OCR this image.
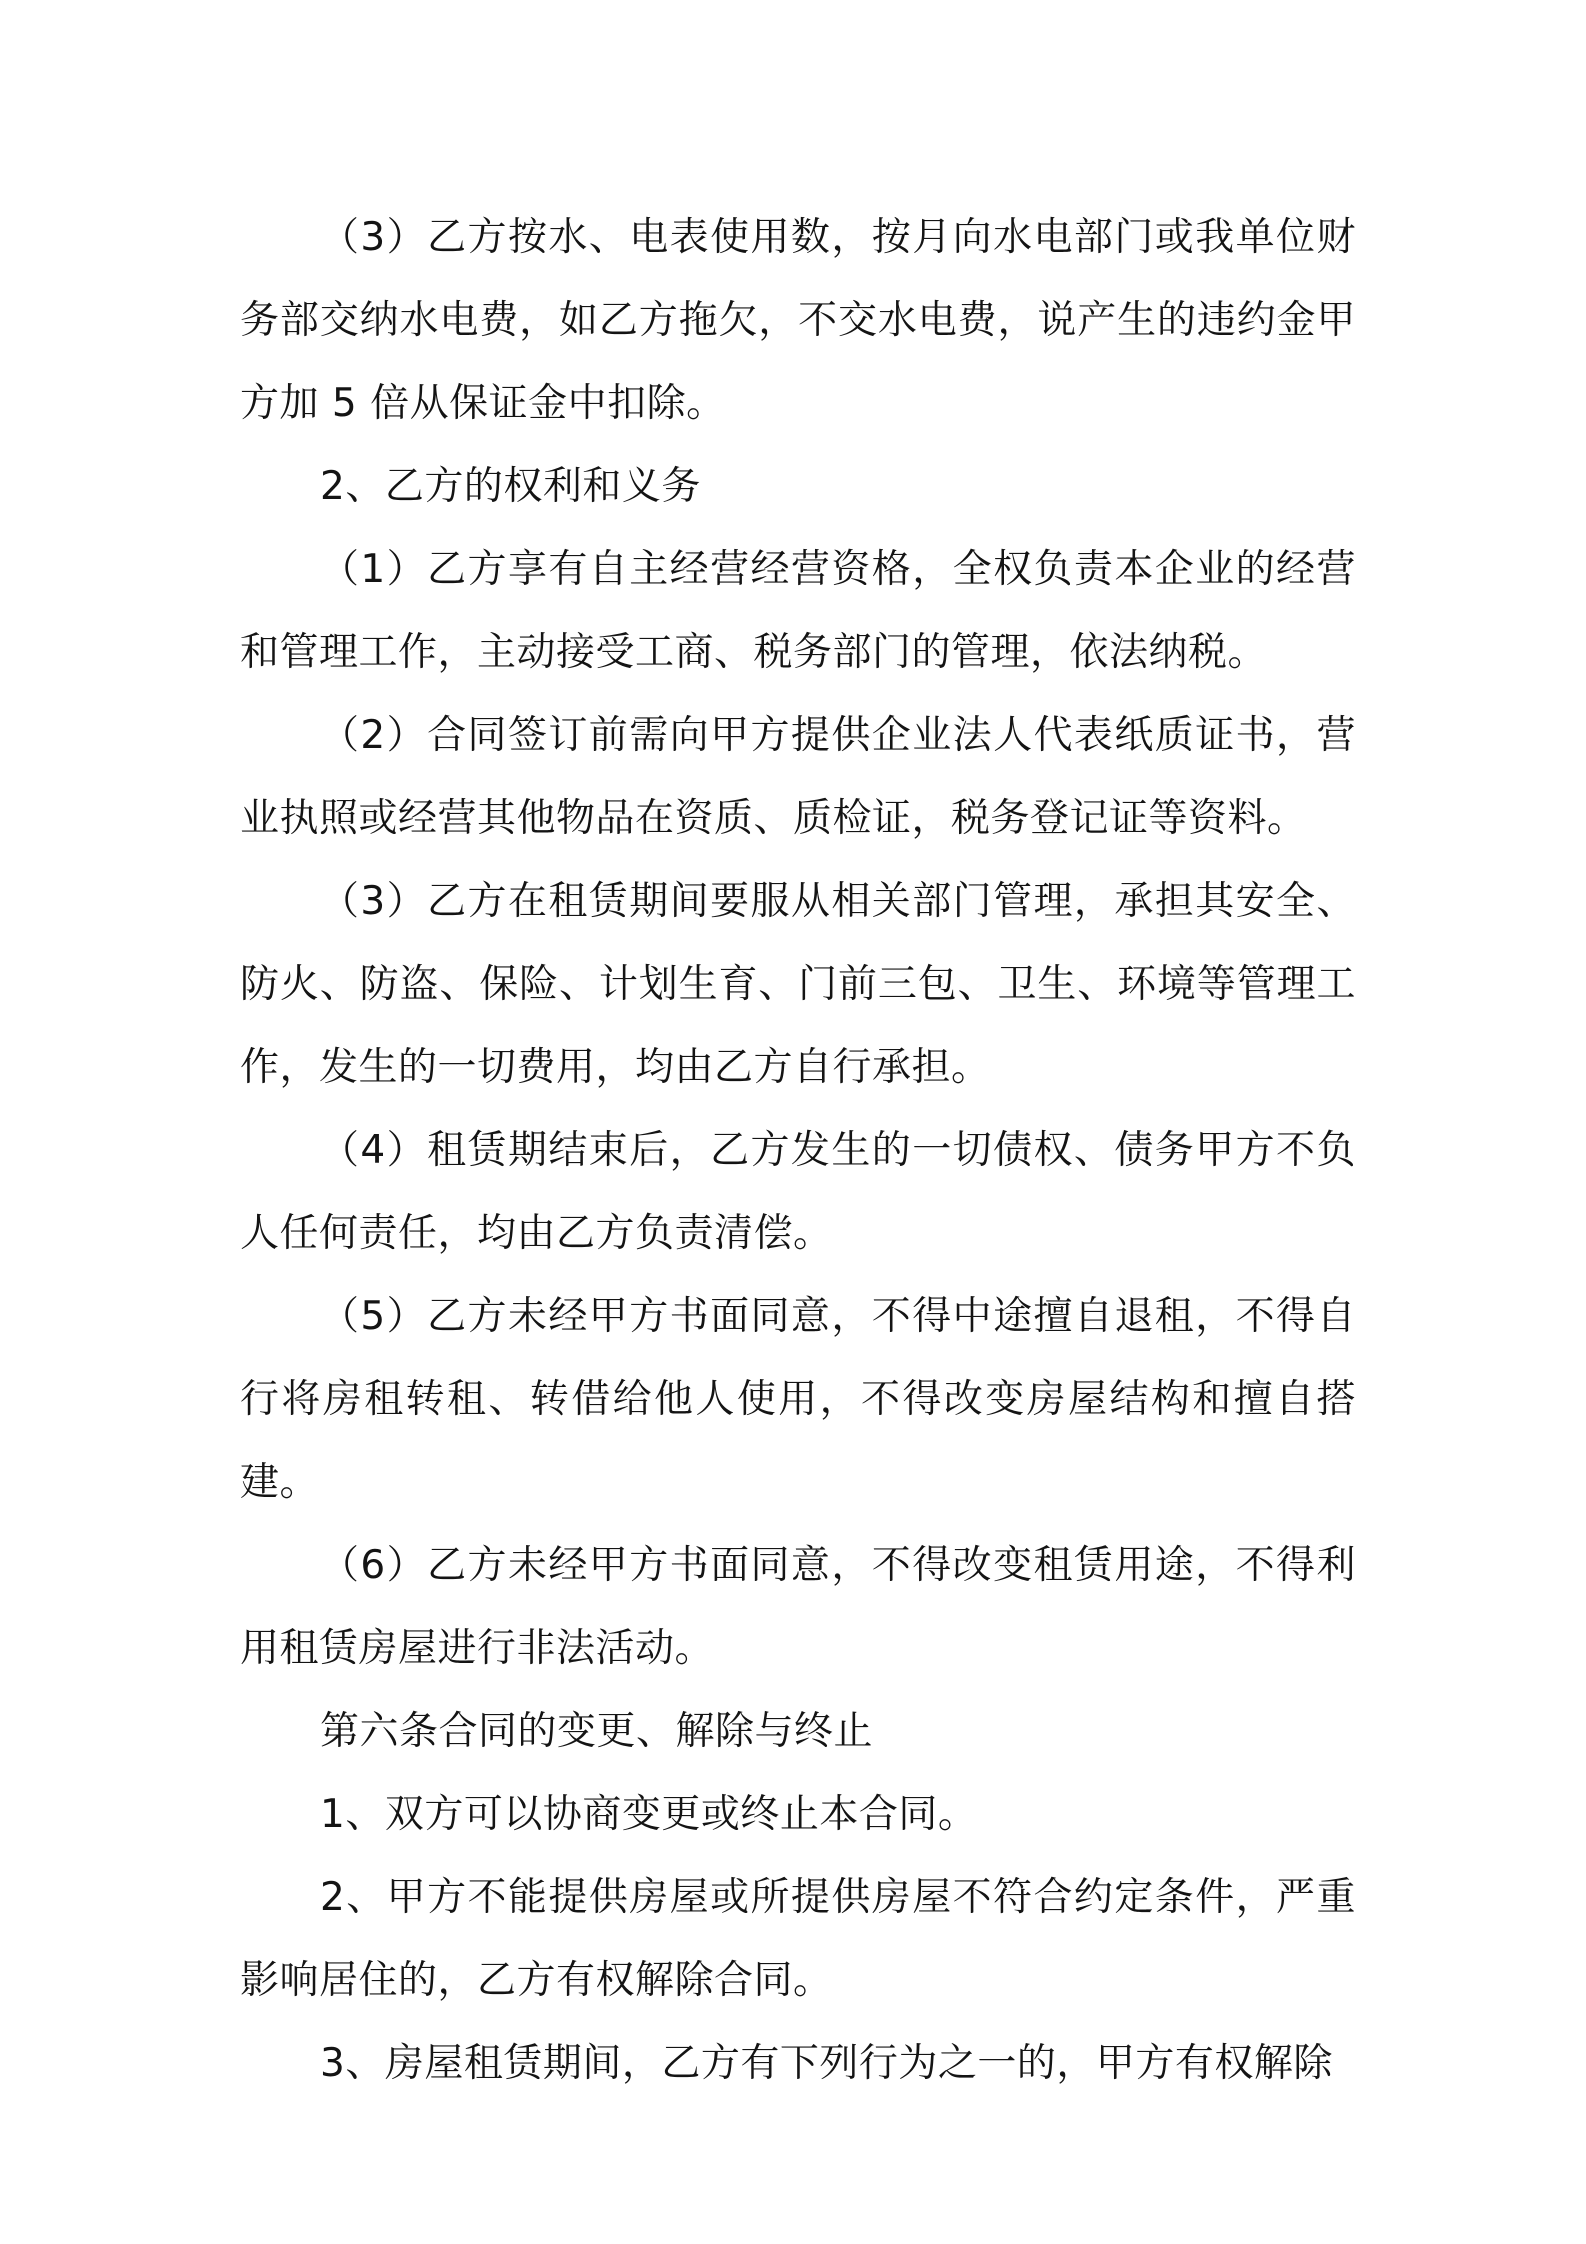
（3）乙方按水、电表使用数，按月向水电部门或我单位财务部交纳水电费，如乙方拖欠，不交水电费，说产生的违约金甲方加 5 倍从保证金中扣除。

2、乙方的权利和义务

（1）乙方享有自主经营经营资格，全权负责本企业的经营和管理工作，主动接受工商、税务部门的管理，依法纳税。

（2）合同签订前需向甲方提供企业法人代表纸质证书，营业执照或经营其他物品在资质、质检证，税务登记证等资料。

（3）乙方在租赁期间要服从相关部门管理，承担其安全、防火、防盗、保险、计划生育、门前三包、卫生、环境等管理工作，发生的一切费用，均由乙方自行承担。

（4）租赁期结束后，乙方发生的一切债权、债务甲方不负人任何责任，均由乙方负责清偿。

（5）乙方未经甲方书面同意，不得中途擅自退租，不得自行将房租转租、转借给他人使用，不得改变房屋结构和擅自搭建。

（6）乙方未经甲方书面同意，不得改变租赁用途，不得利用租赁房屋进行非法活动。

第六条合同的变更、解除与终止

1、双方可以协商变更或终止本合同。

2、甲方不能提供房屋或所提供房屋不符合约定条件，严重影响居住的，乙方有权解除合同。

3、房屋租赁期间，乙方有下列行为之一的，甲方有权解除
